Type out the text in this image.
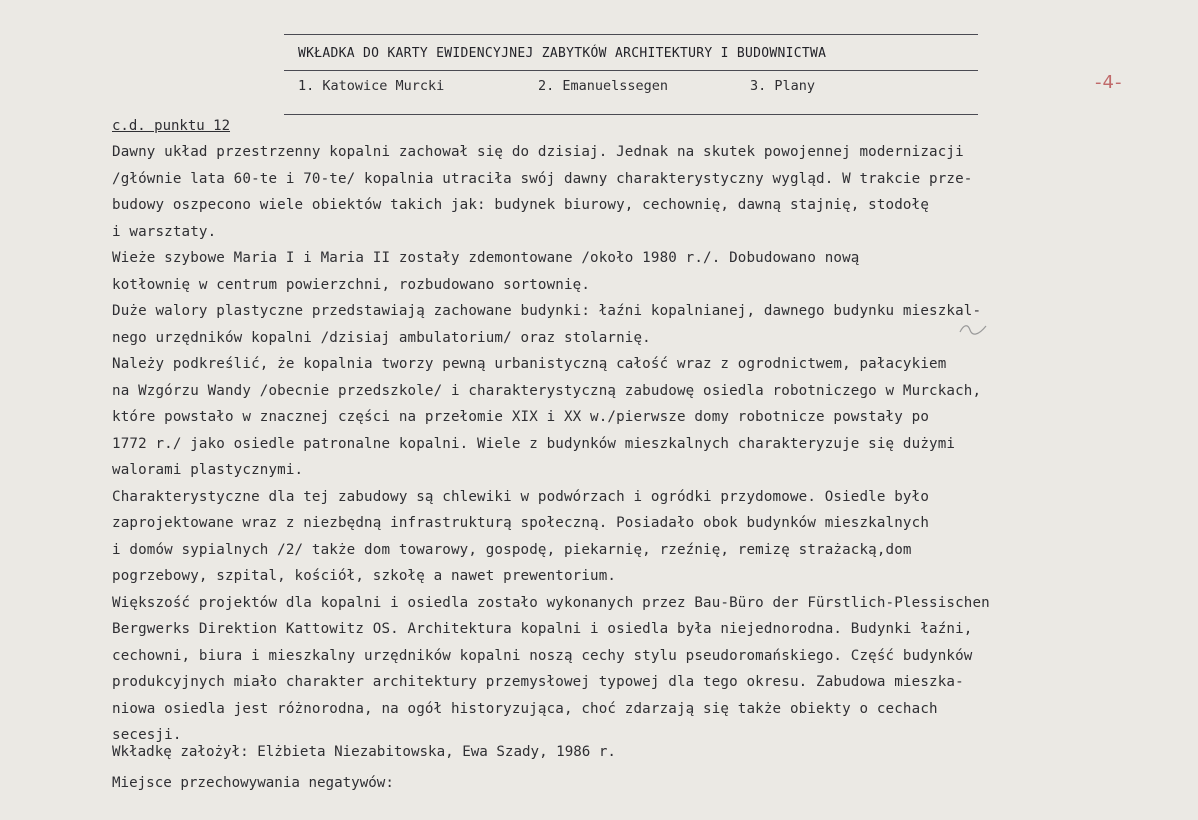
WKŁADKA DO KARTY EWIDENCYJNEJ ZABYTKÓW ARCHITEKTURY I BUDOWNICTWA
1. Katowice Murcki	2. Emanuelssegen	3. Plany	-4-
c.d. punktu 12
Dawny układ przestrzenny kopalni zachował się do dzisiaj. Jednak na skutek powojennej modernizacji
/głównie lata 60-te i 70-te/ kopalnia utraciła swój dawny charakterystyczny wygląd. W trakcie prze-
budowy oszpecono wiele obiektów takich jak: budynek biurowy, cechownię, dawną stajnię, stodołę
i warsztaty.
Wieże szybowe Maria I i Maria II zostały zdemontowane /około 1980 r./. Dobudowano nową
kotłownię w centrum powierzchni, rozbudowano sortownię.
Duże walory plastyczne przedstawiają zachowane budynki: łaźni kopalnianej, dawnego budynku mieszkal-
nego urzędników kopalni /dzisiaj ambulatorium/ oraz stolarnię.
Należy podkreślić, że kopalnia tworzy pewną urbanistyczną całość wraz z ogrodnictwem, pałacykiem
na Wzgórzu Wandy /obecnie przedszkole/ i charakterystyczną zabudowę osiedla robotniczego w Murckach,
które powstało w znacznej części na przełomie XIX i XX w./pierwsze domy robotnicze powstały po
1772 r./ jako osiedle patronalne kopalni. Wiele z budynków mieszkalnych charakteryzuje się dużymi
walorami plastycznymi.
Charakterystyczne dla tej zabudowy są chlewiki w podwórzach i ogródki przydomowe. Osiedle było
zaprojektowane wraz z niezbędną infrastrukturą społeczną. Posiadało obok budynków mieszkalnych
i domów sypialnych /2/ także dom towarowy, gospodę, piekarnię, rzeźnię, remizę strażacką,dom
pogrzebowy, szpital, kościół, szkołę a nawet prewentorium.
Większość projektów dla kopalni i osiedla zostało wykonanych przez Bau-Büro der Fürstlich-Plessischen
Bergwerks Direktion Kattowitz OS. Architektura kopalni i osiedla była niejednorodna. Budynki łaźni,
cechowni, biura i mieszkalny urzędników kopalni noszą cechy stylu pseudoromańskiego. Część budynków
produkcyjnych miało charakter architektury przemysłowej typowej dla tego okresu. Zabudowa mieszka-
niowa osiedla jest różnorodna, na ogół historyzująca, choć zdarzają się także obiekty o cechach
secesji.
Wkładkę założył: Elżbieta Niezabitowska, Ewa Szady, 1986 r.
Miejsce przechowywania negatywów:
